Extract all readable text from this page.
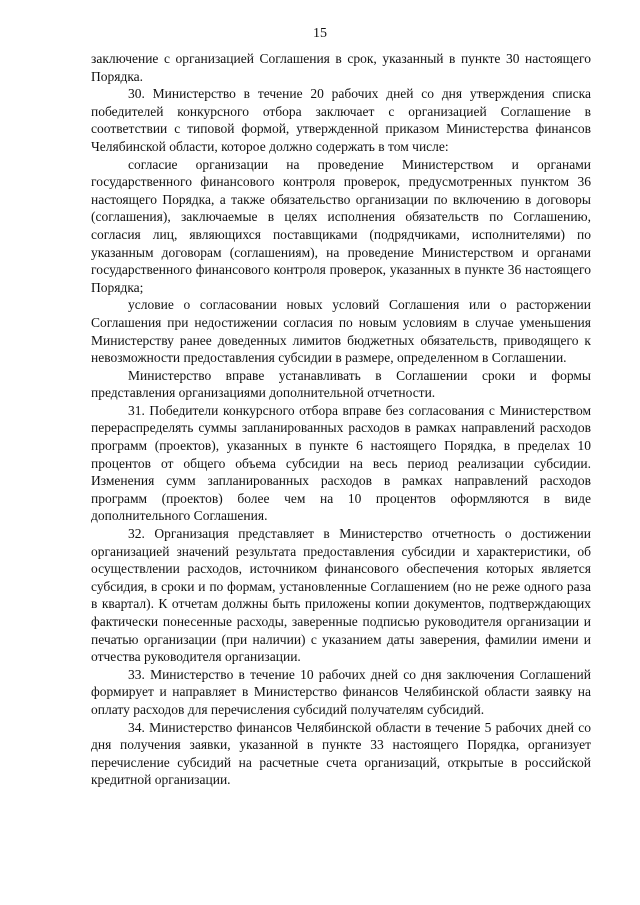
15

заключение с организацией Соглашения в срок, указанный в пункте 30 настоящего Порядка.

30. Министерство в течение 20 рабочих дней со дня утверждения списка победителей конкурсного отбора заключает с организацией Соглашение в соответствии с типовой формой, утвержденной приказом Министерства финансов Челябинской области, которое должно содержать в том числе:

согласие организации на проведение Министерством и органами государственного финансового контроля проверок, предусмотренных пунктом 36 настоящего Порядка, а также обязательство организации по включению в договоры (соглашения), заключаемые в целях исполнения обязательств по Соглашению, согласия лиц, являющихся поставщиками (подрядчиками, исполнителями) по указанным договорам (соглашениям), на проведение Министерством и органами государственного финансового контроля проверок, указанных в пункте 36 настоящего Порядка;

условие о согласовании новых условий Соглашения или о расторжении Соглашения при недостижении согласия по новым условиям в случае уменьшения Министерству ранее доведенных лимитов бюджетных обязательств, приводящего к невозможности предоставления субсидии в размере, определенном в Соглашении.

Министерство вправе устанавливать в Соглашении сроки и формы представления организациями дополнительной отчетности.

31. Победители конкурсного отбора вправе без согласования с Министерством перераспределять суммы запланированных расходов в рамках направлений расходов программ (проектов), указанных в пункте 6 настоящего Порядка, в пределах 10 процентов от общего объема субсидии на весь период реализации субсидии. Изменения сумм запланированных расходов в рамках направлений расходов программ (проектов) более чем на 10 процентов оформляются в виде дополнительного Соглашения.

32. Организация представляет в Министерство отчетность о достижении организацией значений результата предоставления субсидии и характеристики, об осуществлении расходов, источником финансового обеспечения которых является субсидия, в сроки и по формам, установленные Соглашением (но не реже одного раза в квартал). К отчетам должны быть приложены копии документов, подтверждающих фактически понесенные расходы, заверенные подписью руководителя организации и печатью организации (при наличии) с указанием даты заверения, фамилии имени и отчества руководителя организации.

33. Министерство в течение 10 рабочих дней со дня заключения Соглашений формирует и направляет в Министерство финансов Челябинской области заявку на оплату расходов для перечисления субсидий получателям субсидий.

34. Министерство финансов Челябинской области в течение 5 рабочих дней со дня получения заявки, указанной в пункте 33 настоящего Порядка, организует перечисление субсидий на расчетные счета организаций, открытые в российской кредитной организации.
